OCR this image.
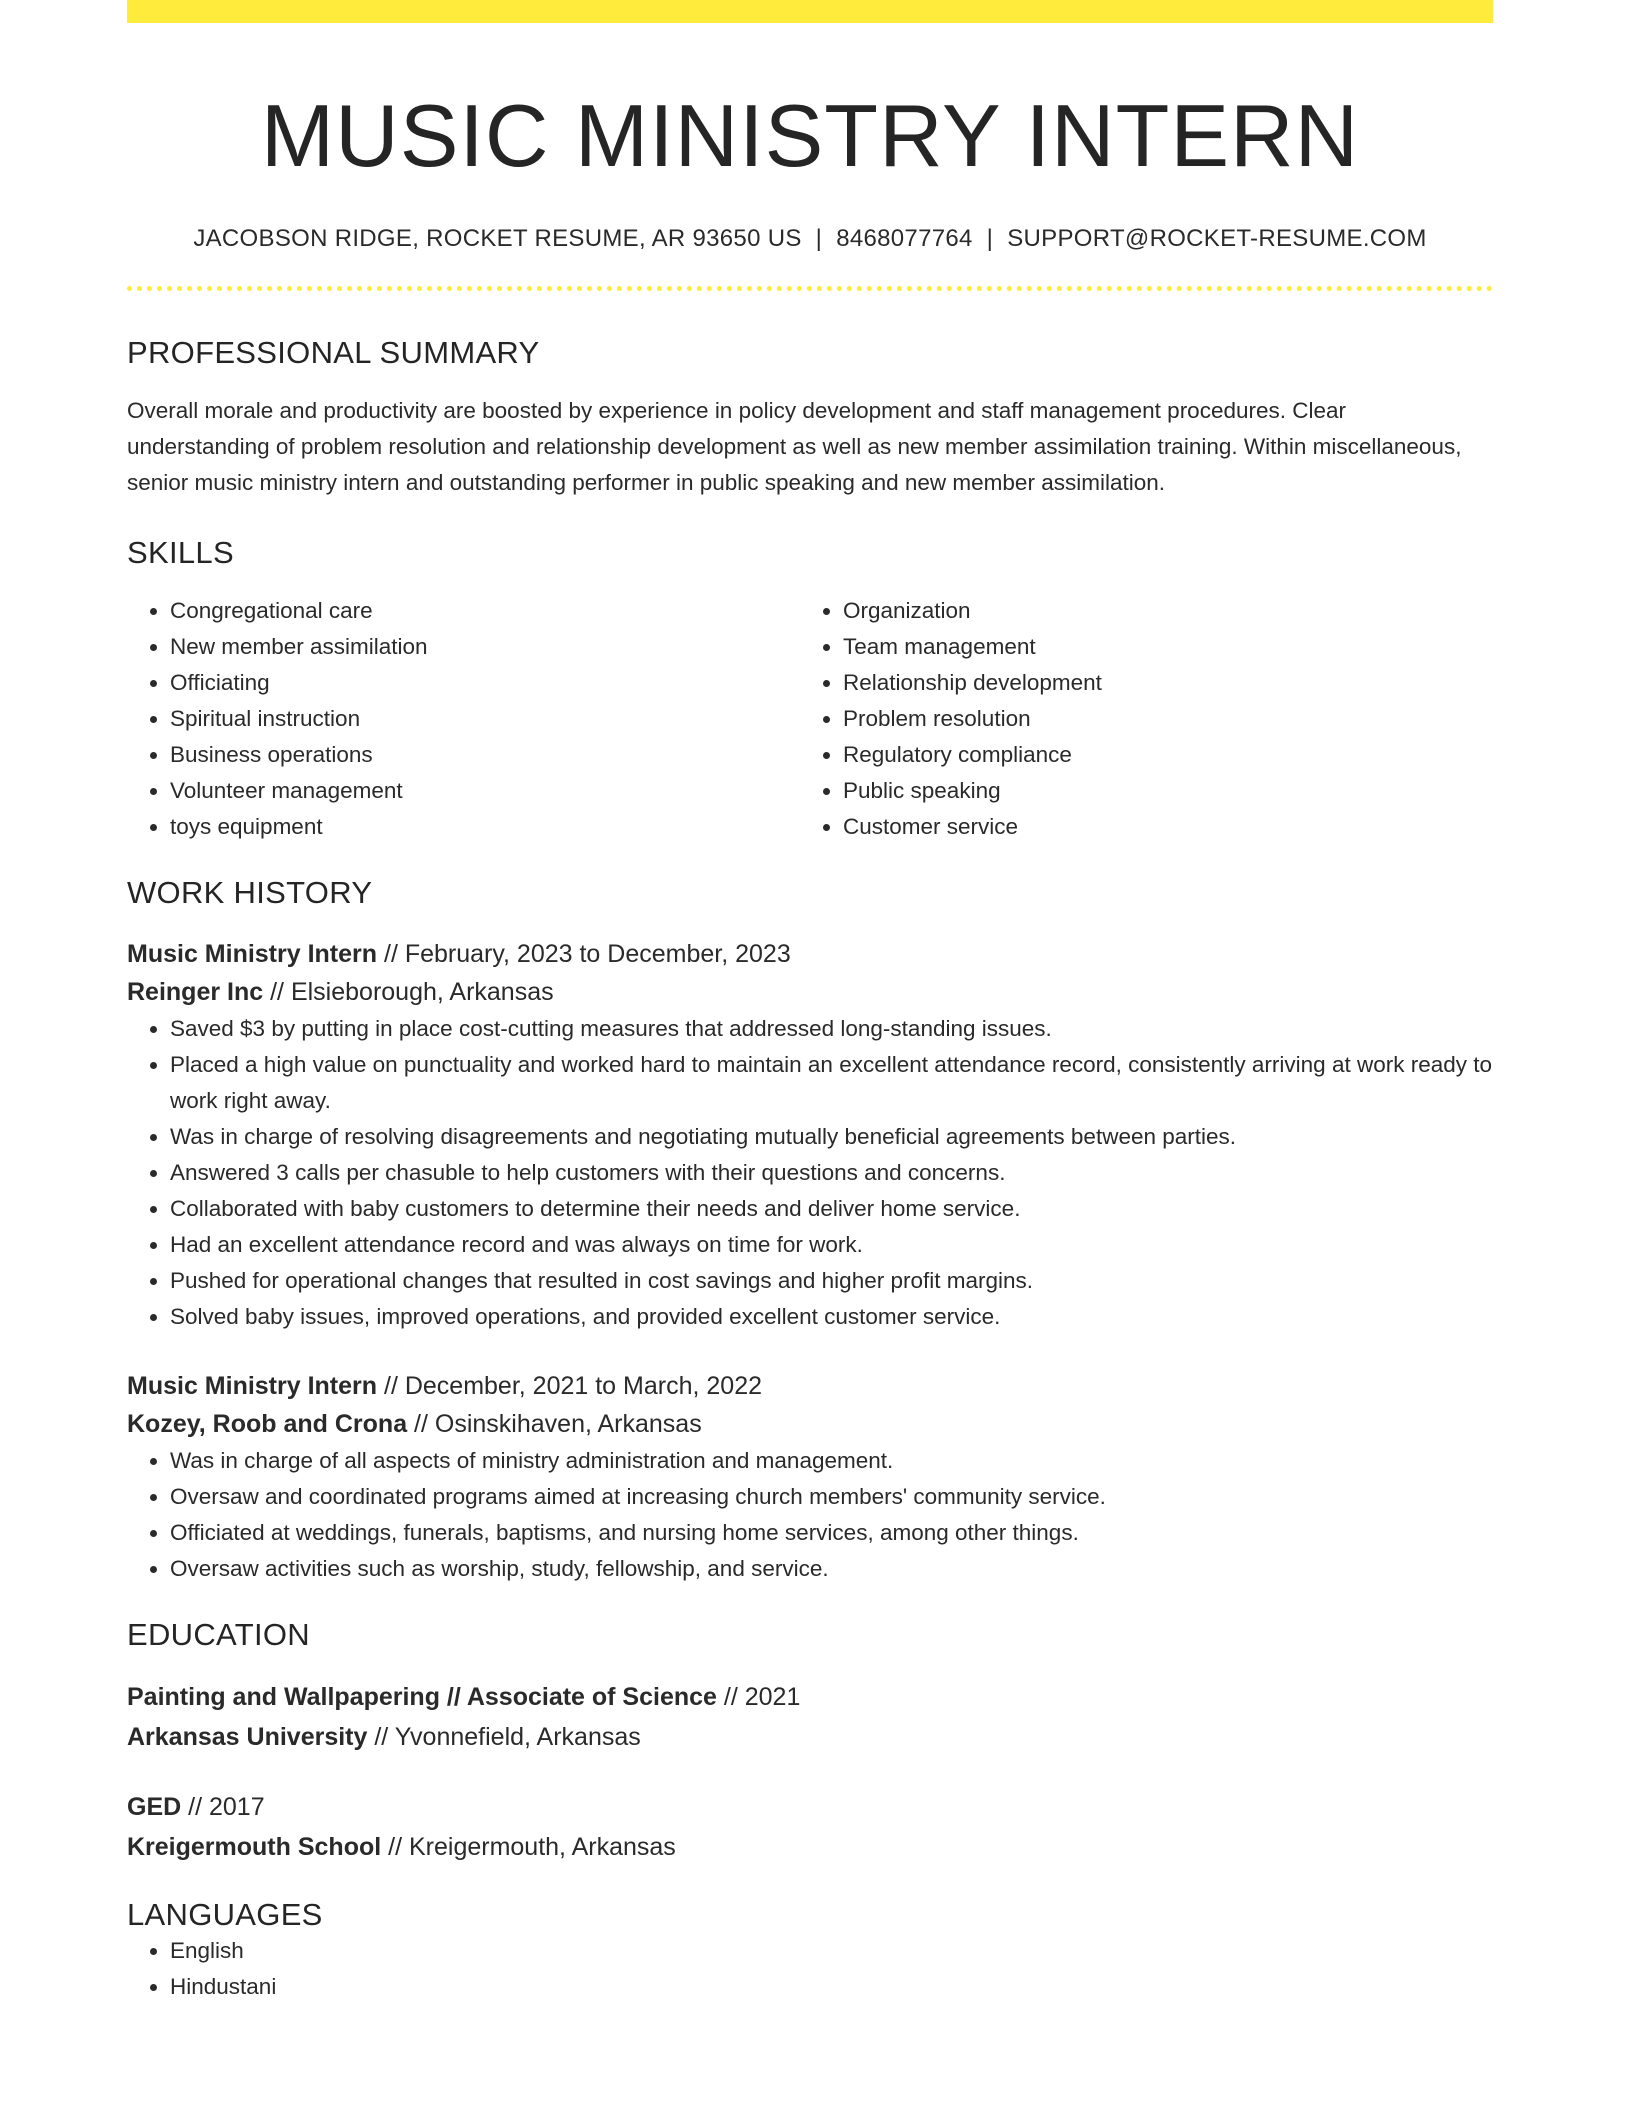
MUSIC MINISTRY INTERN
JACOBSON RIDGE, ROCKET RESUME, AR 93650 US | 8468077764 | SUPPORT@ROCKET-RESUME.COM
PROFESSIONAL SUMMARY

Overall morale and productivity are boosted by experience in policy development and staff management procedures. Clear understanding of problem resolution and relationship development as well as new member assimilation training. Within miscellaneous, senior music ministry intern and outstanding performer in public speaking and new member assimilation.

SKILLS
• Congregational care
• New member assimilation
• Officiating
• Spiritual instruction
• Business operations
• Volunteer management
• toys equipment
• Organization
• Team management
• Relationship development
• Problem resolution
• Regulatory compliance
• Public speaking
• Customer service
WORK HISTORY
Music Ministry Intern // February, 2023 to December, 2023
Reinger Inc // Elsieborough, Arkansas
• Saved $3 by putting in place cost-cutting measures that addressed long-standing issues.
• Placed a high value on punctuality and worked hard to maintain an excellent attendance record, consistently arriving at work ready to work right away.
• Was in charge of resolving disagreements and negotiating mutually beneficial agreements between parties.
• Answered 3 calls per chasuble to help customers with their questions and concerns.
• Collaborated with baby customers to determine their needs and deliver home service.
• Had an excellent attendance record and was always on time for work.
• Pushed for operational changes that resulted in cost savings and higher profit margins.
• Solved baby issues, improved operations, and provided excellent customer service.
Music Ministry Intern // December, 2021 to March, 2022
Kozey, Roob and Crona // Osinskihaven, Arkansas
• Was in charge of all aspects of ministry administration and management.
• Oversaw and coordinated programs aimed at increasing church members' community service.
• Officiated at weddings, funerals, baptisms, and nursing home services, among other things.
• Oversaw activities such as worship, study, fellowship, and service.
EDUCATION
Painting and Wallpapering // Associate of Science // 2021
Arkansas University // Yvonnefield, Arkansas
GED // 2017
Kreigermouth School // Kreigermouth, Arkansas
LANGUAGES
• English
• Hindustani
